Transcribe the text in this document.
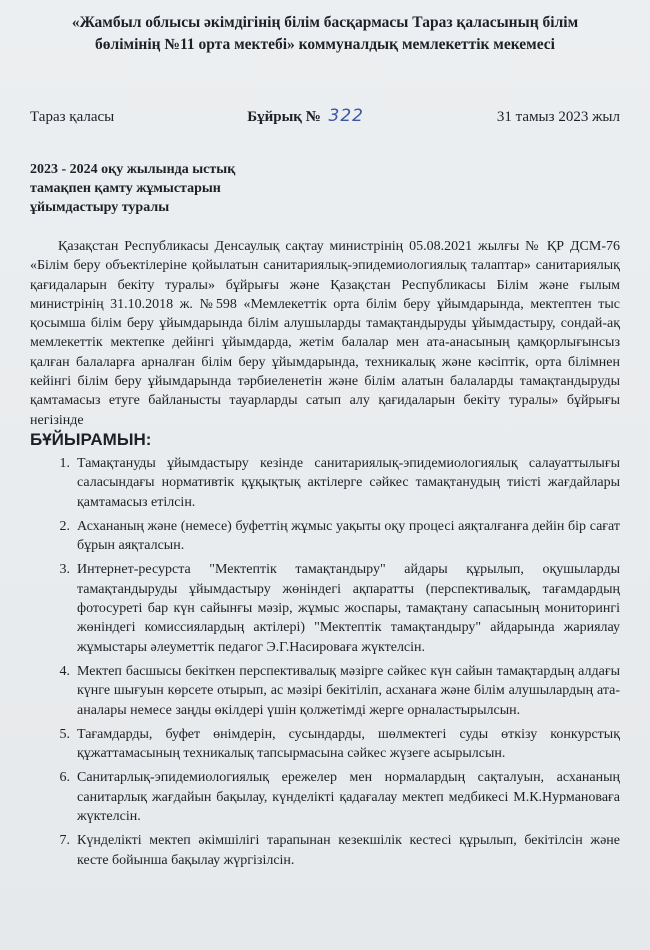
«Жамбыл облысы әкімдігінің білім басқармасы Тараз қаласының білім
бөлімінің №11 орта мектебі» коммуналдық мемлекеттік мекемесі
Тараз қаласы	Бұйрық № 322	31 тамыз 2023 жыл
2023 - 2024 оқу жылында ыстық
тамақпен қамту жұмыстарын
ұйымдастыру туралы
Қазақстан Республикасы Денсаулық сақтау министрінің 05.08.2021 жылғы № ҚР ДСМ-76 «Білім беру объектілеріне қойылатын санитариялық-эпидемиологиялық талаптар» санитариялық қағидаларын бекіту туралы» бұйрығы және Қазақстан Республикасы Білім және ғылым министрінің 31.10.2018 ж. №598 «Мемлекеттік орта білім беру ұйымдарында, мектептен тыс қосымша білім беру ұйымдарында білім алушыларды тамақтандыруды ұйымдастыру, сондай-ақ мемлекеттік мектепке дейінгі ұйымдарда, жетім балалар мен ата-анасының қамқорлығынсыз қалған балаларға арналған білім беру ұйымдарында, техникалық және кәсіптік, орта білімнен кейінгі білім беру ұйымдарында тәрбиеленетін және білім алатын балаларды тамақтандыруды қамтамасыз етуге байланысты тауарларды сатып алу қағидаларын бекіту туралы» бұйрығы негізінде
БҰЙЫРАМЫН:
1. Тамақтануды ұйымдастыру кезінде санитариялық-эпидемиологиялық салауаттылығы саласындағы нормативтік құқықтық актілерге сәйкес тамақтанудың тиісті жағдайлары қамтамасыз етілсін.
2. Асхананың және (немесе) буфеттің жұмыс уақыты оқу процесі аяқталғанға дейін бір сағат бұрын аяқталсын.
3. Интернет-ресурста "Мектептік тамақтандыру" айдары құрылып, оқушыларды тамақтандыруды ұйымдастыру жөніндегі ақпаратты (перспективалық, тағамдардың фотосуреті бар күн сайынғы мәзір, жұмыс жоспары, тамақтану сапасының мониторингі жөніндегі комиссиялардың актілері) "Мектептік тамақтандыру" айдарында жариялау жұмыстары әлеуметтік педагог Э.Г.Насироваға жүктелсін.
4. Мектеп басшысы бекіткен перспективалық мәзірге сәйкес күн сайын тамақтардың алдағы күнге шығуын көрсете отырып, ас мәзірі бекітіліп, асханаға және білім алушылардың ата-аналары немесе заңды өкілдері үшін қолжетімді жерге орналастырылсын.
5. Тағамдарды, буфет өнімдерін, сусындарды, шөлмектегі суды өткізу конкурстық құжаттамасының техникалық тапсырмасына сәйкес жүзеге асырылсын.
6. Санитарлық-эпидемиологиялық ережелер мен нормалардың сақталуын, асхананың санитарлық жағдайын бақылау, күнделікті қадағалау мектеп медбикесі М.К.Нурмановаға жүктелсін.
7. Күнделікті мектеп әкімшілігі тарапынан кезекшілік кестесі құрылып, бекітілсін және кесте бойынша бақылау жүргізілсін.
